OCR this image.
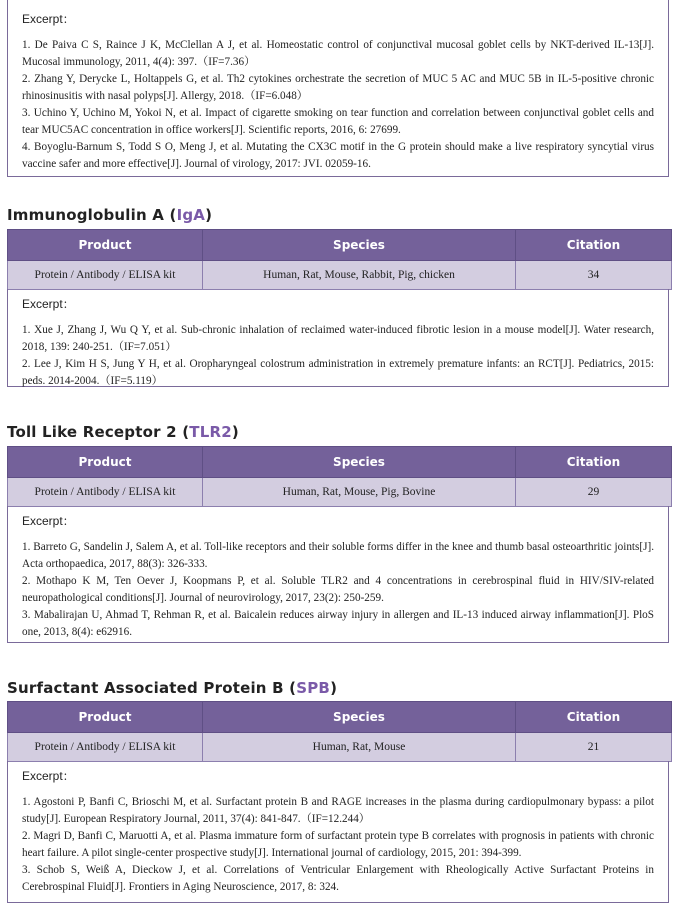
Excerpt：

1. De Paiva C S, Raince J K, McClellan A J, et al. Homeostatic control of conjunctival mucosal goblet cells by NKT-derived IL-13[J]. Mucosal immunology, 2011, 4(4): 397.（IF=7.36）

2. Zhang Y, Derycke L, Holtappels G, et al. Th2 cytokines orchestrate the secretion of MUC 5 AC and MUC 5B in IL-5-positive chronic rhinosinusitis with nasal polyps[J]. Allergy, 2018.（IF=6.048）

3. Uchino Y, Uchino M, Yokoi N, et al. Impact of cigarette smoking on tear function and correlation between conjunctival goblet cells and tear MUC5AC concentration in office workers[J]. Scientific reports, 2016, 6: 27699.

4. Boyoglu-Barnum S, Todd S O, Meng J, et al. Mutating the CX3C motif in the G protein should make a live respiratory syncytial virus vaccine safer and more effective[J]. Journal of virology, 2017: JVI. 02059-16.

Immunoglobulin A (IgA)
Product	Species	Citation
Protein / Antibody / ELISA kit	Human, Rat, Mouse, Rabbit, Pig, chicken	34
Excerpt：

1. Xue J, Zhang J, Wu Q Y, et al. Sub-chronic inhalation of reclaimed water-induced fibrotic lesion in a mouse model[J]. Water research, 2018, 139: 240-251.（IF=7.051）

2. Lee J, Kim H S, Jung Y H, et al. Oropharyngeal colostrum administration in extremely premature infants: an RCT[J]. Pediatrics, 2015: peds. 2014-2004.（IF=5.119）

Toll Like Receptor 2 (TLR2)
Product	Species	Citation
Protein / Antibody / ELISA kit	Human, Rat, Mouse, Pig, Bovine	29
Excerpt：

1. Barreto G, Sandelin J, Salem A, et al. Toll-like receptors and their soluble forms differ in the knee and thumb basal osteoarthritic joints[J]. Acta orthopaedica, 2017, 88(3): 326-333.

2. Mothapo K M, Ten Oever J, Koopmans P, et al. Soluble TLR2 and 4 concentrations in cerebrospinal fluid in HIV/SIV-related neuropathological conditions[J]. Journal of neurovirology, 2017, 23(2): 250-259.

3. Mabalirajan U, Ahmad T, Rehman R, et al. Baicalein reduces airway injury in allergen and IL-13 induced airway inflammation[J]. PloS one, 2013, 8(4): e62916.

Surfactant Associated Protein B (SPB)
Product	Species	Citation
Protein / Antibody / ELISA kit	Human, Rat, Mouse	21
Excerpt：

1. Agostoni P, Banfi C, Brioschi M, et al. Surfactant protein B and RAGE increases in the plasma during cardiopulmonary bypass: a pilot study[J]. European Respiratory Journal, 2011, 37(4): 841-847.（IF=12.244）

2. Magri D, Banfi C, Maruotti A, et al. Plasma immature form of surfactant protein type B correlates with prognosis in patients with chronic heart failure. A pilot single-center prospective study[J]. International journal of cardiology, 2015, 201: 394-399.

3. Schob S, Weiß A, Dieckow J, et al. Correlations of Ventricular Enlargement with Rheologically Active Surfactant Proteins in Cerebrospinal Fluid[J]. Frontiers in Aging Neuroscience, 2017, 8: 324.
